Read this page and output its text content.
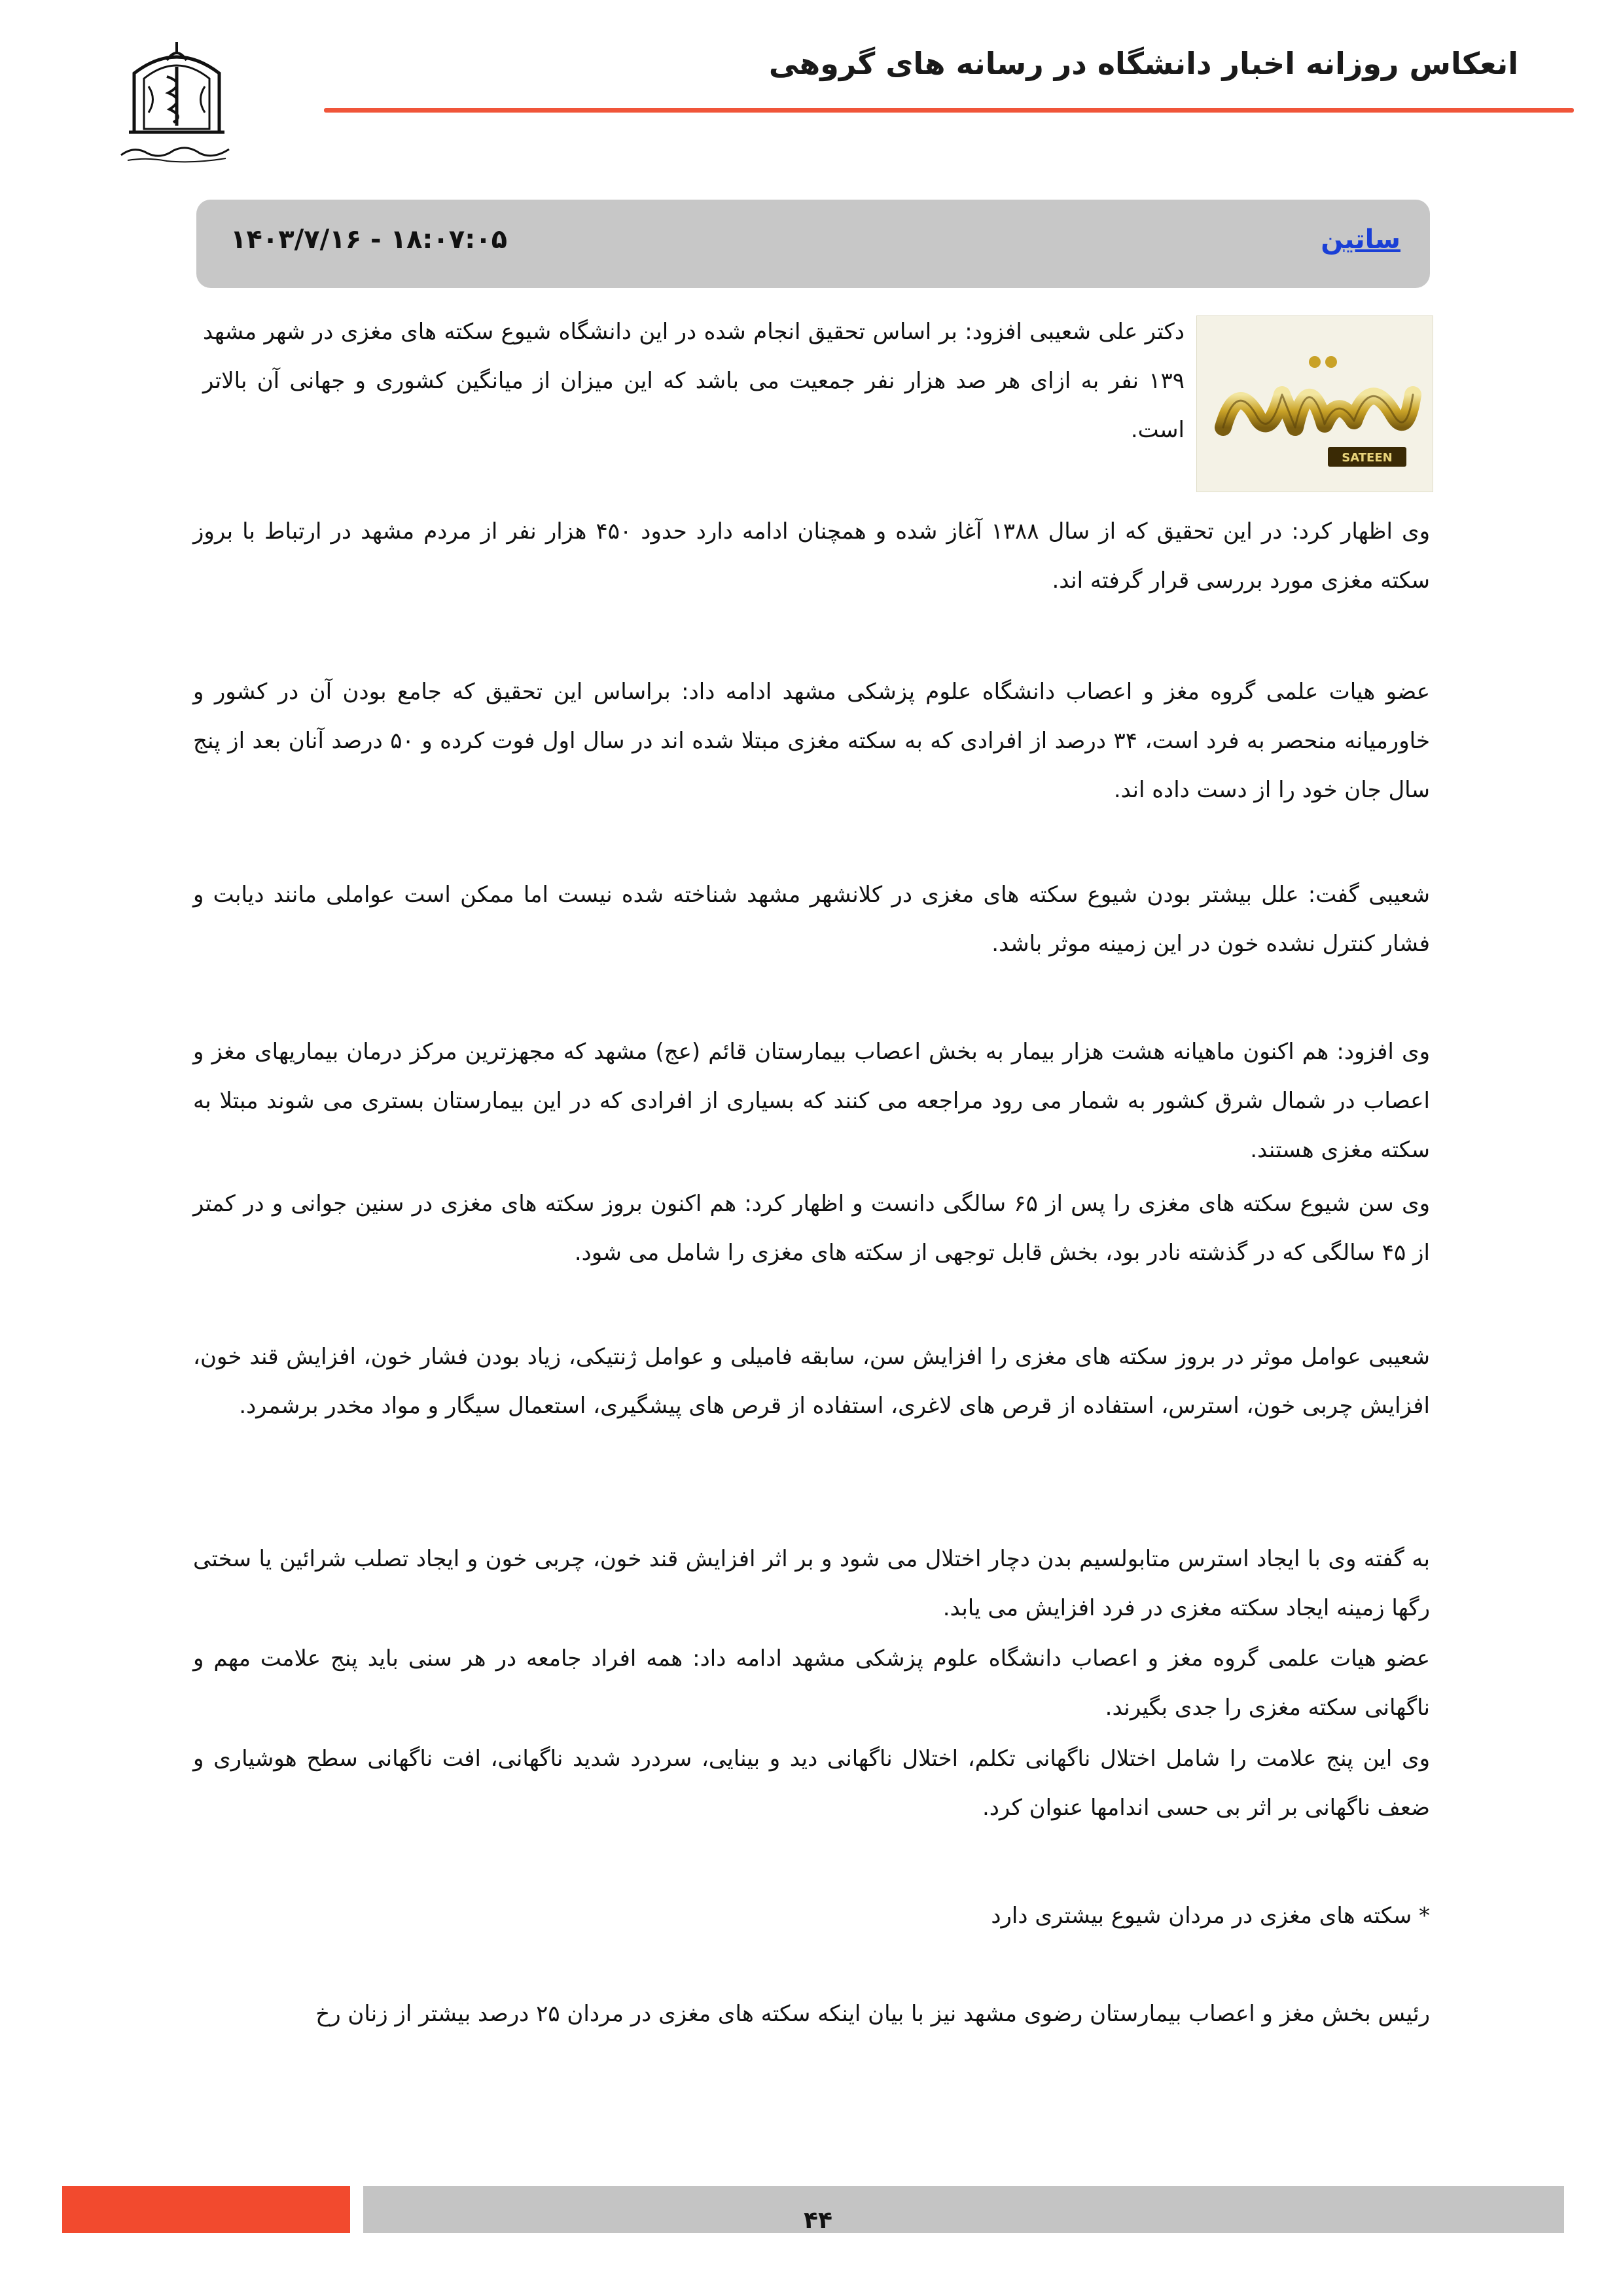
انعکاس روزانه اخبار دانشگاه در رسانه های گروهی
ساتین
۱۴۰۳/۷/۱۶ - ۱۸:۰۷:۰۵
SATEEN

دکتر علی شعیبی افزود: بر اساس تحقیق انجام شده در این دانشگاه شیوع سکته های مغزی در شهر مشهد ۱۳۹ نفر به ازای هر صد هزار نفر جمعیت می باشد که این میزان از میانگین کشوری و جهانی آن بالاتر است.

وی اظهار کرد: در این تحقیق که از سال ۱۳۸۸ آغاز شده و همچنان ادامه دارد حدود ۴۵۰ هزار نفر از مردم مشهد در ارتباط با بروز سکته مغزی مورد بررسی قرار گرفته اند.

عضو هیات علمی گروه مغز و اعصاب دانشگاه علوم پزشکی مشهد ادامه داد: براساس این تحقیق که جامع بودن آن در کشور و خاورمیانه منحصر به فرد است، ۳۴ درصد از افرادی که به سکته مغزی مبتلا شده اند در سال اول فوت کرده و ۵۰ درصد آنان بعد از پنج سال جان خود را از دست داده اند.

شعیبی گفت: علل بیشتر بودن شیوع سکته های مغزی در کلانشهر مشهد شناخته شده نیست اما ممکن است عواملی مانند دیابت و فشار کنترل نشده خون در این زمینه موثر باشد.

وی افزود: هم اکنون ماهیانه هشت هزار بیمار به بخش اعصاب بیمارستان قائم (عج) مشهد که مجهزترین مرکز درمان بیماریهای مغز و اعصاب در شمال شرق کشور به شمار می رود مراجعه می کنند که بسیاری از افرادی که در این بیمارستان بستری می شوند مبتلا به سکته مغزی هستند.

وی سن شیوع سکته های مغزی را پس از ۶۵ سالگی دانست و اظهار کرد: هم اکنون بروز سکته های مغزی در سنین جوانی و در کمتر از ۴۵ سالگی که در گذشته نادر بود، بخش قابل توجهی از سکته های مغزی را شامل می شود.

شعیبی عوامل موثر در بروز سکته های مغزی را افزایش سن، سابقه فامیلی و عوامل ژنتیکی، زیاد بودن فشار خون، افزایش قند خون، افزایش چربی خون، استرس، استفاده از قرص های لاغری، استفاده از قرص های پیشگیری، استعمال سیگار و مواد مخدر برشمرد.

به گفته وی با ایجاد استرس متابولسیم بدن دچار اختلال می شود و بر اثر افزایش قند خون، چربی خون و ایجاد تصلب شرائین یا سختی رگها زمینه ایجاد سکته مغزی در فرد افزایش می یابد.

عضو هیات علمی گروه مغز و اعصاب دانشگاه علوم پزشکی مشهد ادامه داد: همه افراد جامعه در هر سنی باید پنج علامت مهم و ناگهانی سکته مغزی را جدی بگیرند.

وی این پنج علامت را شامل اختلال ناگهانی تکلم، اختلال ناگهانی دید و بینایی، سردرد شدید ناگهانی، افت ناگهانی سطح هوشیاری و ضعف ناگهانی بر اثر بی حسی اندامها عنوان کرد.

* سکته های مغزی در مردان شیوع بیشتری دارد

رئیس بخش مغز و اعصاب بیمارستان رضوی مشهد نیز با بیان اینکه سکته های مغزی در مردان ۲۵ درصد بیشتر از زنان رخ

۴۴
